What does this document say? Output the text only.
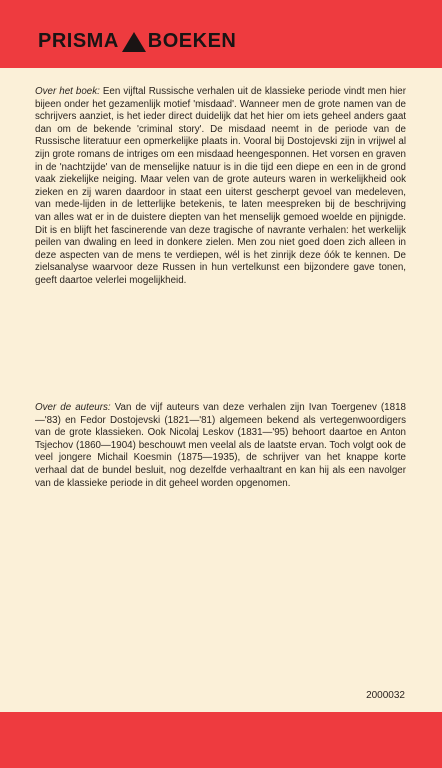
PRISMA BOEKEN
Over het boek: Een vijftal Russische verhalen uit de klassieke periode vindt men hier bijeen onder het gezamenlijk motief 'misdaad'. Wanneer men de grote namen van de schrijvers aanziet, is het ieder direct duidelijk dat het hier om iets geheel anders gaat dan om de bekende 'criminal story'. De misdaad neemt in de periode van de Russische literatuur een opmerkelijke plaats in. Vooral bij Dostojevski zijn in vrijwel al zijn grote romans de intriges om een misdaad heengesponnen. Het vorsen en graven in de 'nachtzijde' van de menselijke natuur is in die tijd een diepe en een in de grond vaak ziekelijke neiging. Maar velen van de grote auteurs waren in werkelijkheid ook zieken en zij waren daardoor in staat een uiterst gescherpt gevoel van medeleven, van mede-lijden in de letterlijke betekenis, te laten meespreken bij de beschrijving van alles wat er in de duistere diepten van het menselijk gemoed woelde en pijnigde. Dit is en blijft het fascinerende van deze tragische of navrante verhalen: het werkelijk peilen van dwaling en leed in donkere zielen. Men zou niet goed doen zich alleen in deze aspecten van de mens te verdiepen, wél is het zinrijk deze óók te kennen. De zielsanalyse waarvoor deze Russen in hun vertelkunst een bijzondere gave tonen, geeft daartoe velerlei mogelijkheid.
Over de auteurs: Van de vijf auteurs van deze verhalen zijn Ivan Toergenev (1818—'83) en Fedor Dostojevski (1821—'81) algemeen bekend als vertegenwoordigers van de grote klassieken. Ook Nicolaj Leskov (1831—'95) behoort daartoe en Anton Tsjechov (1860—1904) beschouwt men veelal als de laatste ervan. Toch volgt ook de veel jongere Michail Koesmin (1875—1935), de schrijver van het knappe korte verhaal dat de bundel besluit, nog dezelfde verhaaltrant en kan hij als een navolger van de klassieke periode in dit geheel worden opgenomen.
2000032
